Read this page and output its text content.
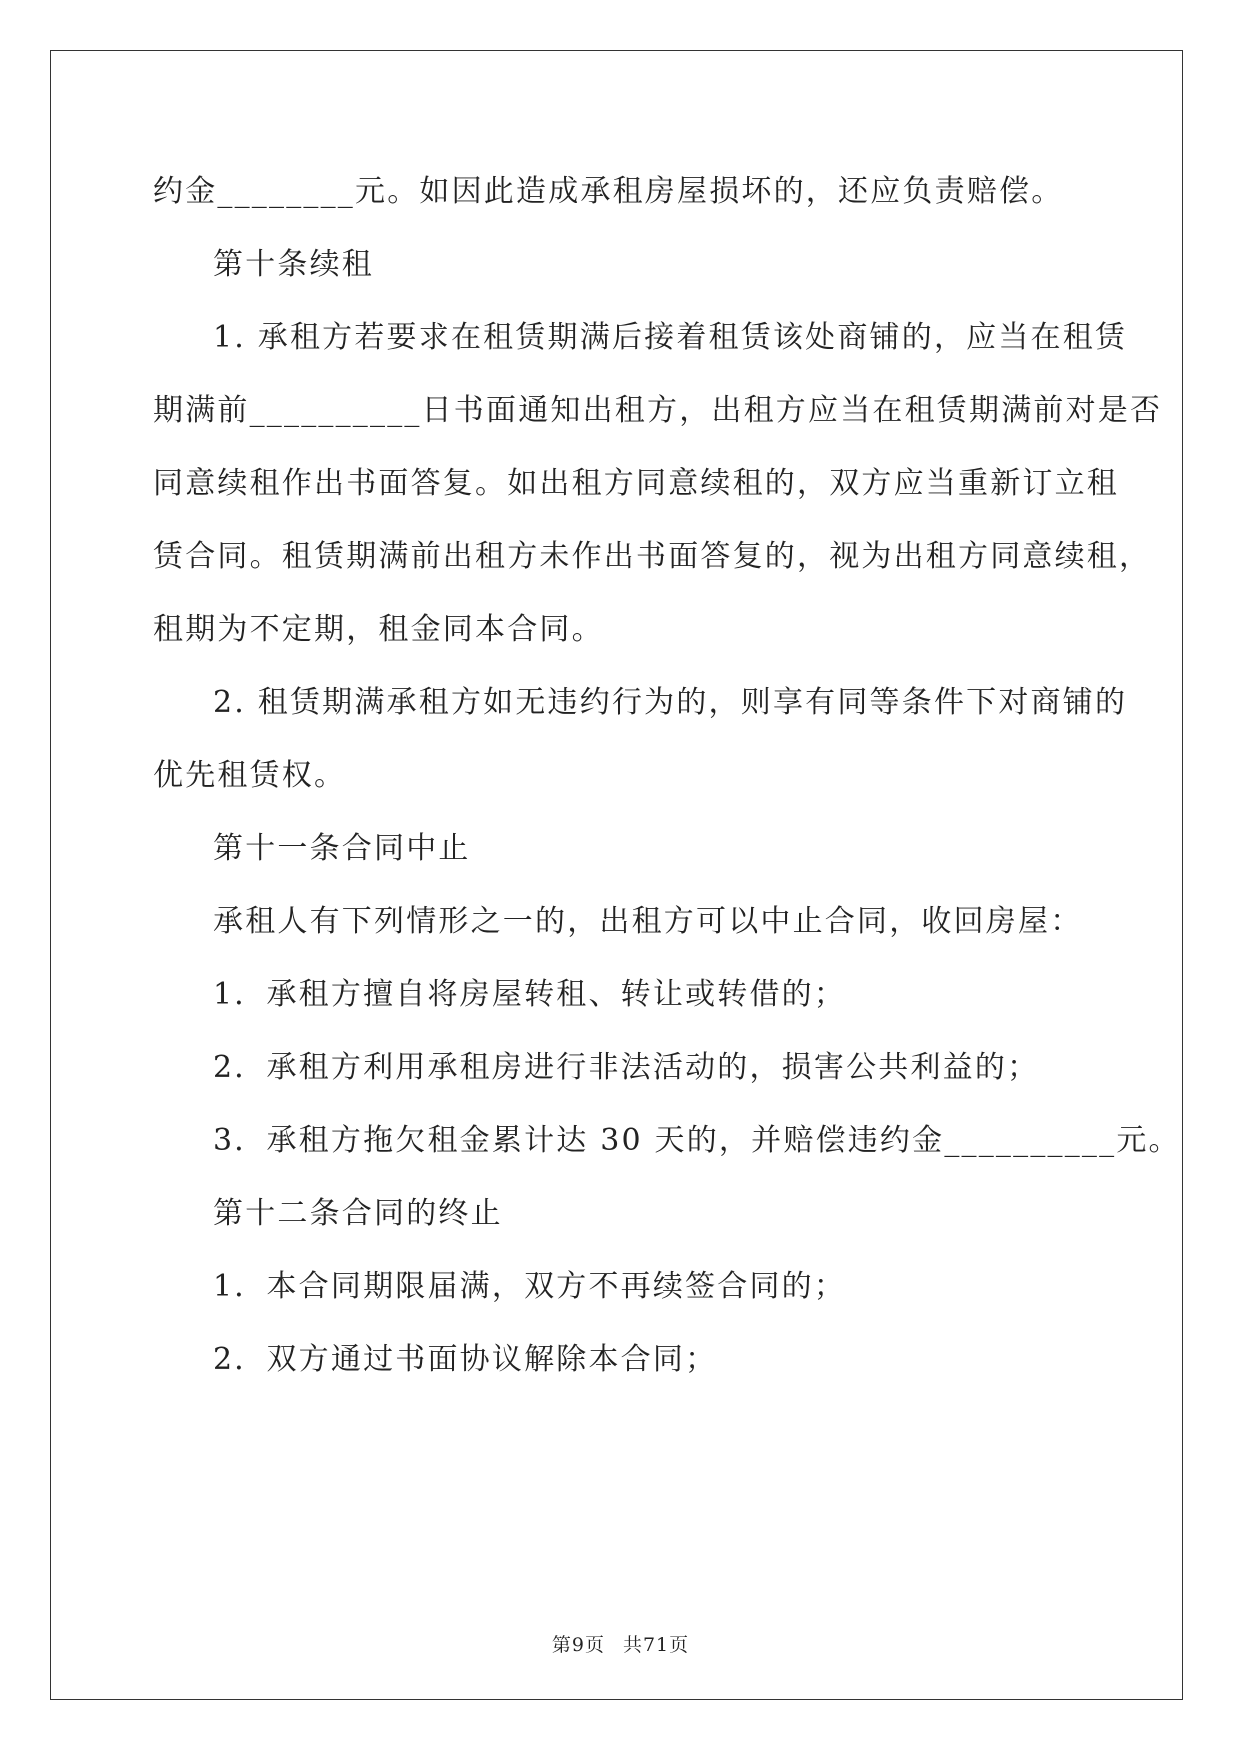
约金________元。如因此造成承租房屋损坏的，还应负责赔偿。
第十条续租
1. 承租方若要求在租赁期满后接着租赁该处商铺的，应当在租赁
期满前__________日书面通知出租方，出租方应当在租赁期满前对是否
同意续租作出书面答复。如出租方同意续租的，双方应当重新订立租
赁合同。租赁期满前出租方未作出书面答复的，视为出租方同意续租，
租期为不定期，租金同本合同。
2. 租赁期满承租方如无违约行为的，则享有同等条件下对商铺的
优先租赁权。
第十一条合同中止
承租人有下列情形之一的，出租方可以中止合同，收回房屋：
1．承租方擅自将房屋转租、转让或转借的；
2．承租方利用承租房进行非法活动的，损害公共利益的；
3．承租方拖欠租金累计达 30 天的，并赔偿违约金__________元。
第十二条合同的终止
1．本合同期限届满，双方不再续签合同的；
2．双方通过书面协议解除本合同；
第9页 共71页
